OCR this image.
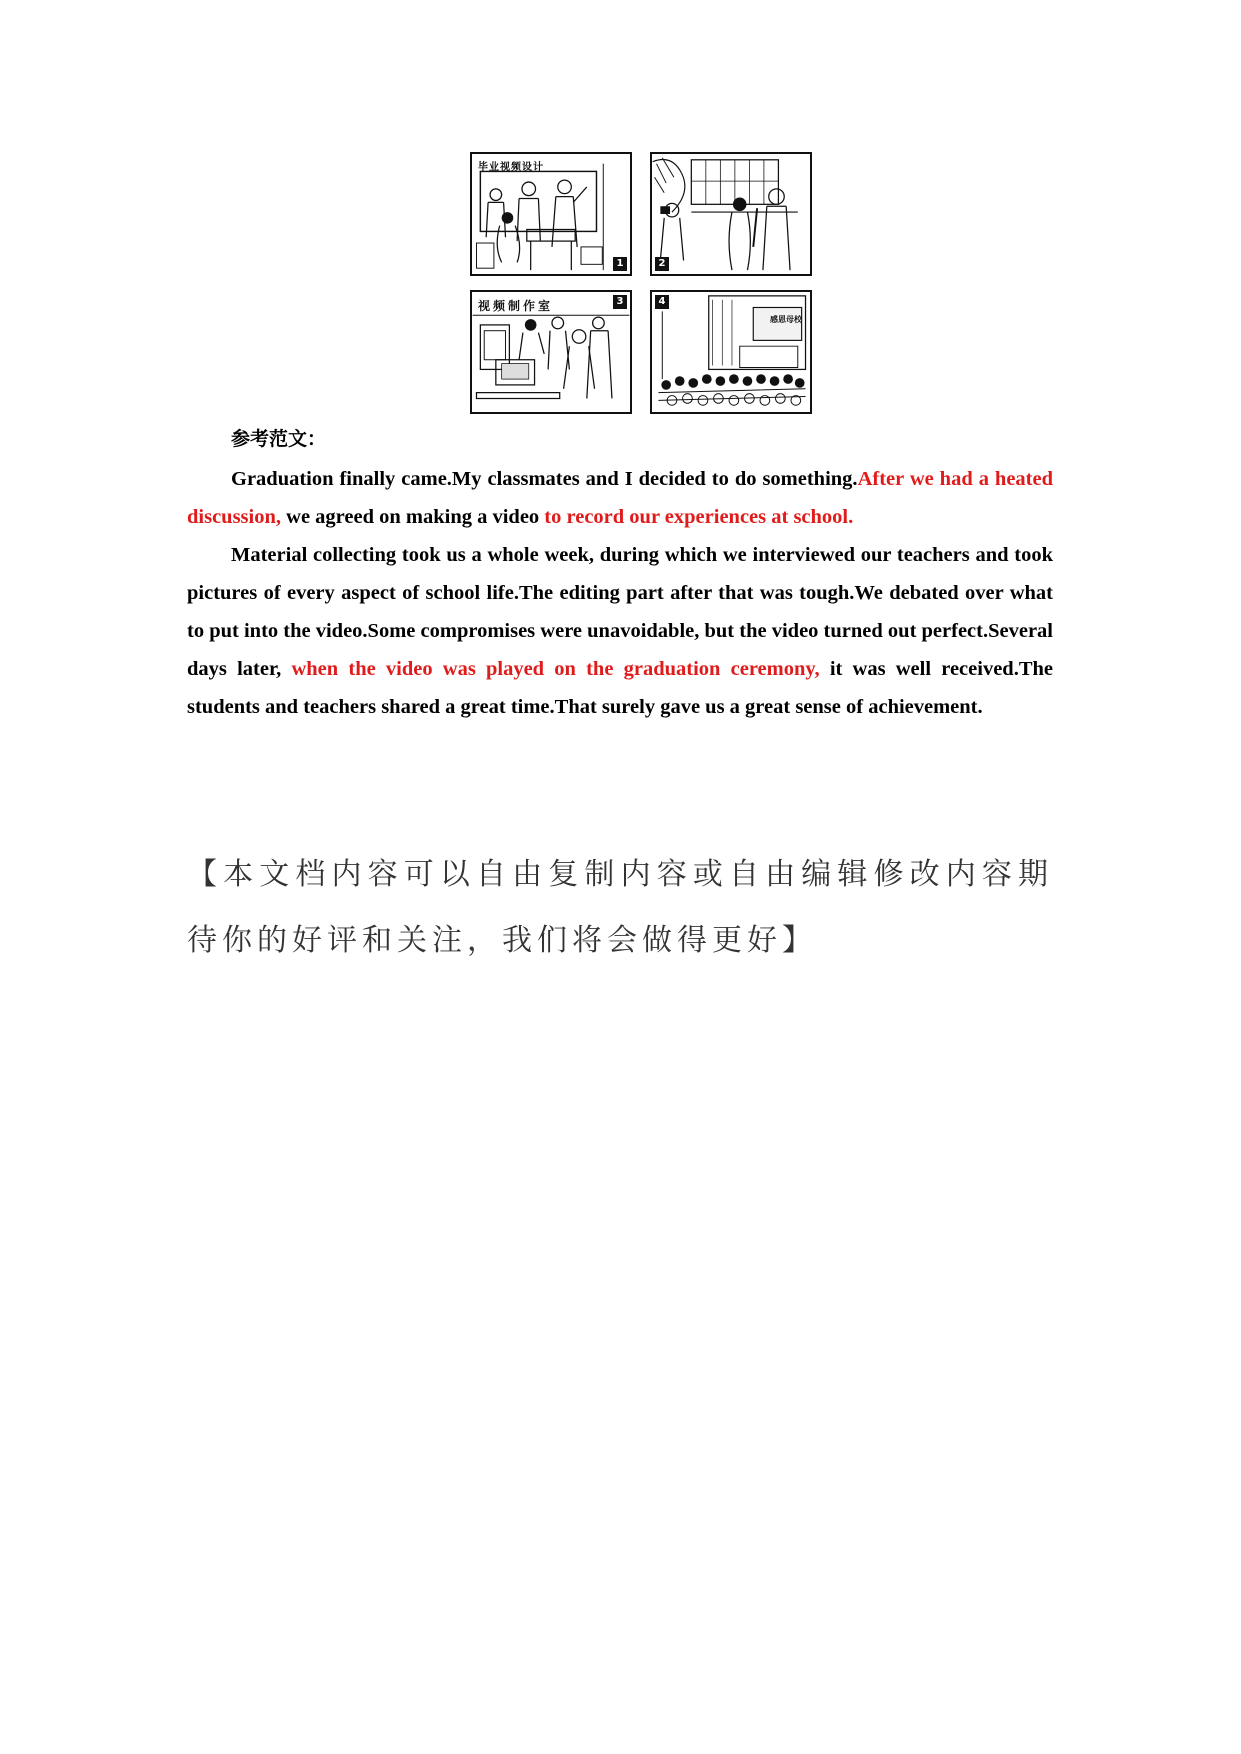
毕业视频设计
1	2
视频制作室	3
感恩母校
4
参考范文：

Graduation finally came.My classmates and I decided to do something.After we had a heated discussion, we agreed on making a video to record our experiences at school.

Material collecting took us a whole week, during which we interviewed our teachers and took pictures of every aspect of school life.The editing part after that was tough.We debated over what to put into the video.Some compromises were unavoidable, but the video turned out perfect.Several days later, when the video was played on the graduation ceremony, it was well received.The students and teachers shared a great time.That surely gave us a great sense of achievement.

【本文档内容可以自由复制内容或自由编辑修改内容期待你的好评和关注，我们将会做得更好】
